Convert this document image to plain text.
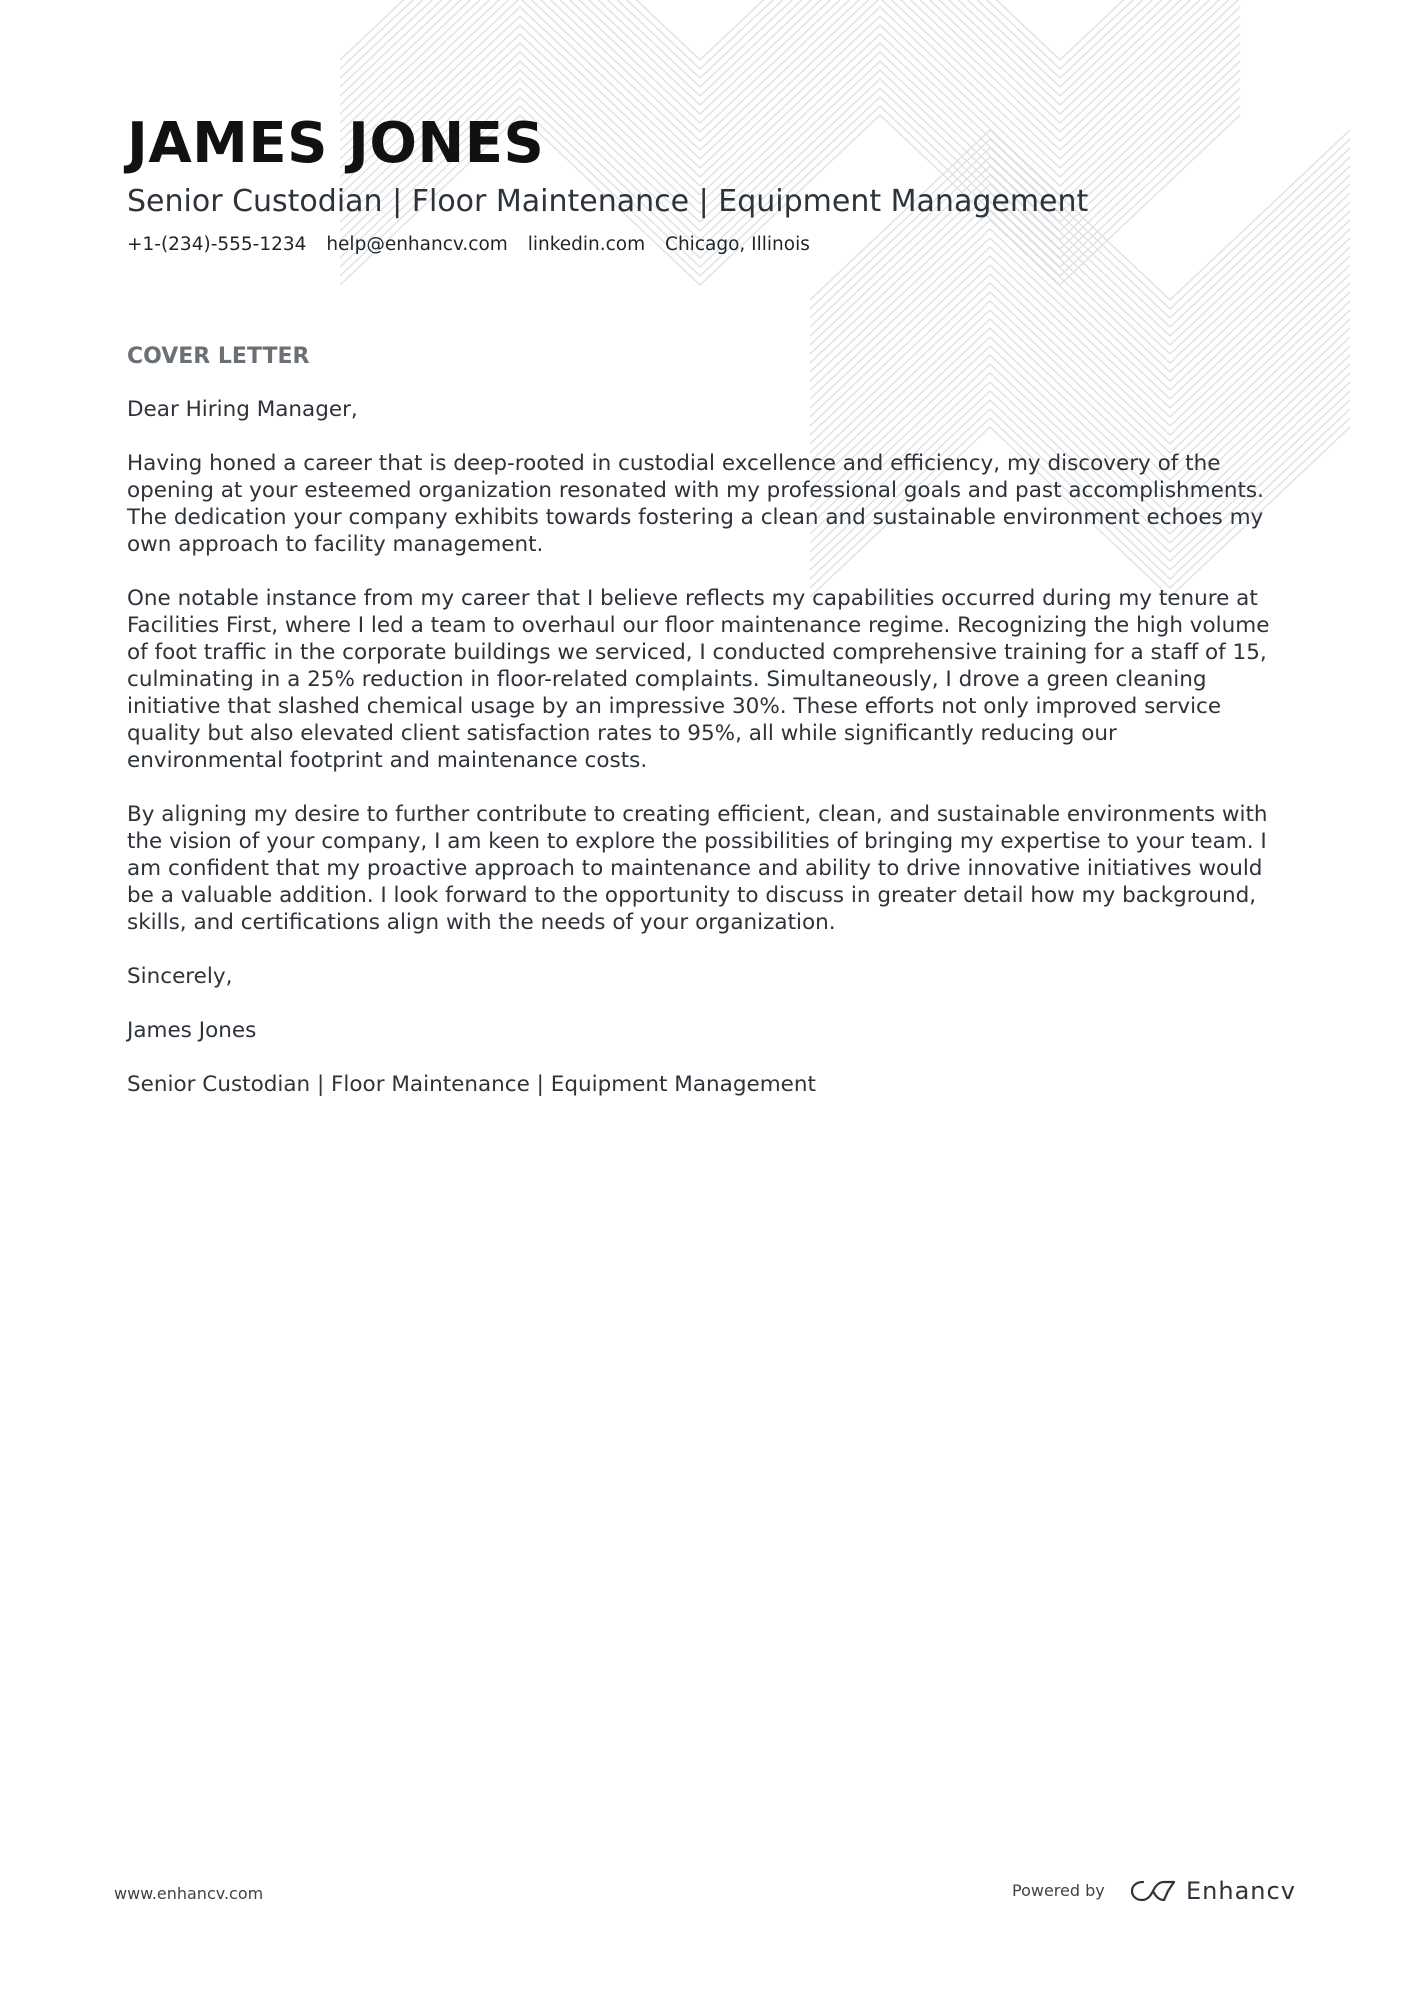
JAMES JONES
Senior Custodian | Floor Maintenance | Equipment Management
+1-(234)-555-1234 help@enhancv.com linkedin.com Chicago, Illinois
COVER LETTER

Dear Hiring Manager,

Having honed a career that is deep-rooted in custodial excellence and efficiency, my discovery of the opening at your esteemed organization resonated with my professional goals and past accomplishments. The dedication your company exhibits towards fostering a clean and sustainable environment echoes my own approach to facility management.

One notable instance from my career that I believe reflects my capabilities occurred during my tenure at Facilities First, where I led a team to overhaul our floor maintenance regime. Recognizing the high volume of foot traffic in the corporate buildings we serviced, I conducted comprehensive training for a staff of 15, culminating in a 25% reduction in floor-related complaints. Simultaneously, I drove a green cleaning initiative that slashed chemical usage by an impressive 30%. These efforts not only improved service quality but also elevated client satisfaction rates to 95%, all while significantly reducing our environmental footprint and maintenance costs.

By aligning my desire to further contribute to creating efficient, clean, and sustainable environments with the vision of your company, I am keen to explore the possibilities of bringing my expertise to your team. I am confident that my proactive approach to maintenance and ability to drive innovative initiatives would be a valuable addition. I look forward to the opportunity to discuss in greater detail how my background, skills, and certifications align with the needs of your organization.

Sincerely,

James Jones

Senior Custodian | Floor Maintenance | Equipment Management

www.enhancv.com	Powered by	Enhancv
